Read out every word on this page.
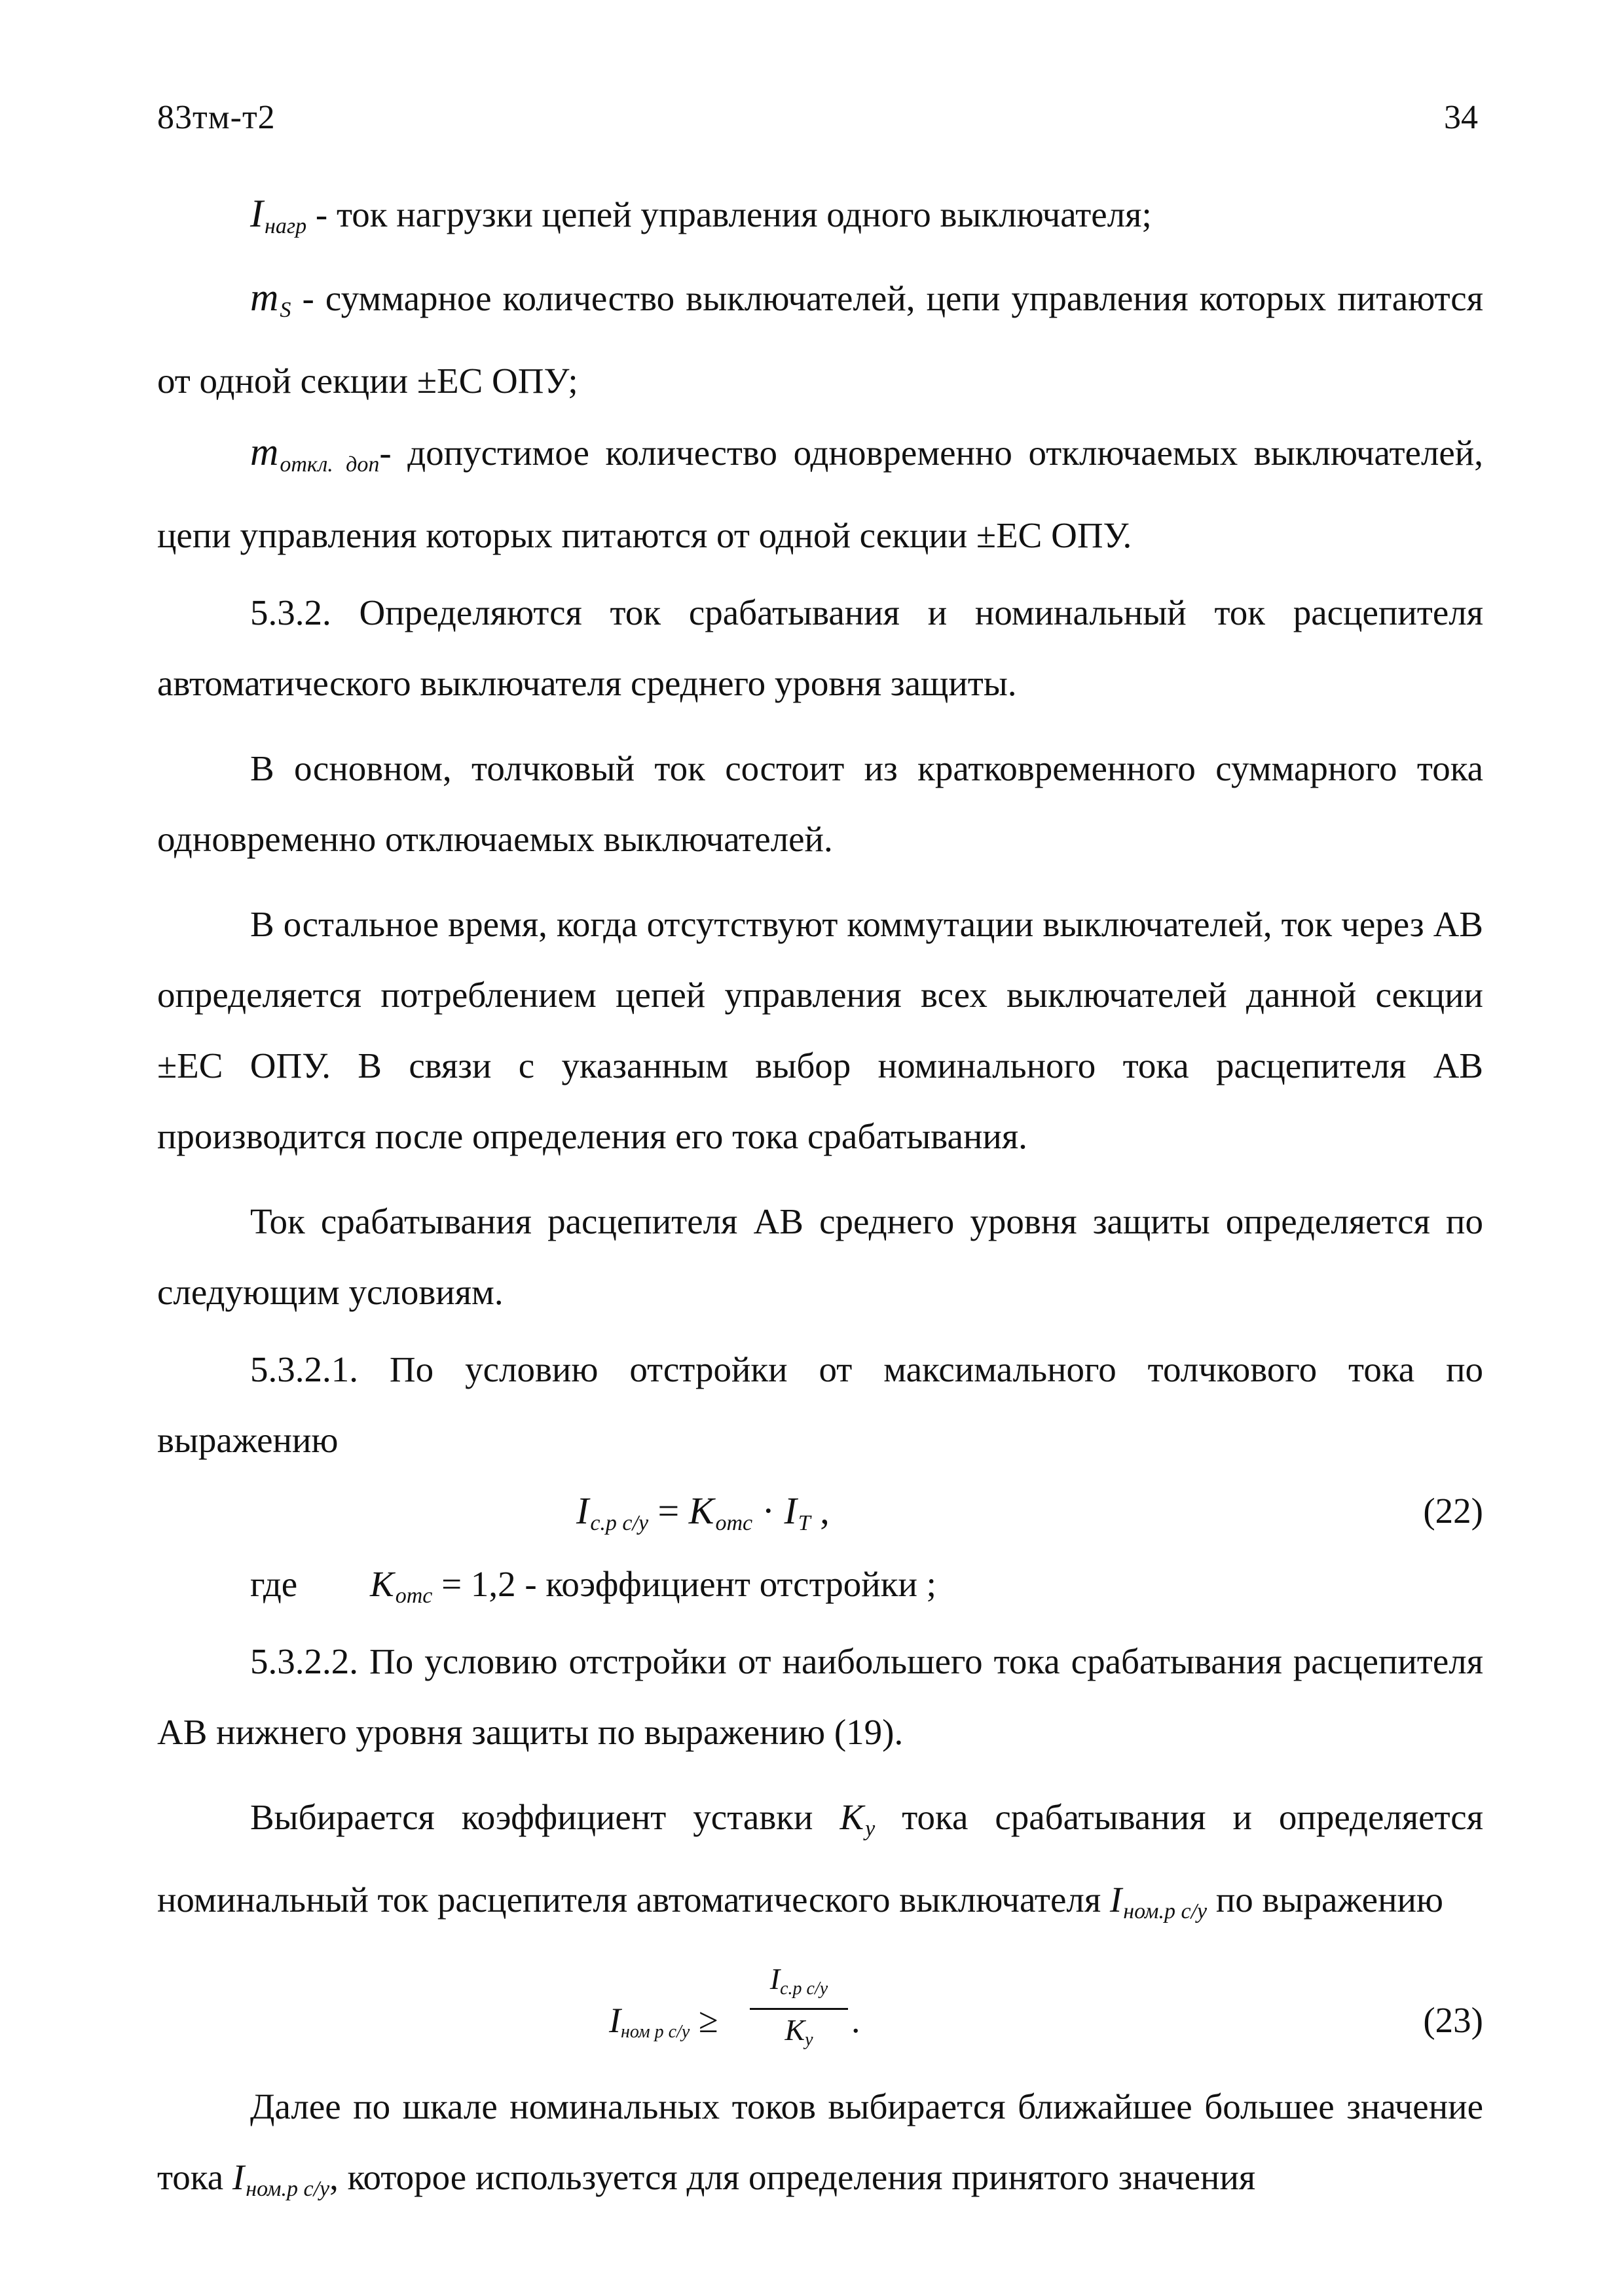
83тм-т2	34

$I_{нагр}$ - ток нагрузки цепей управления одного выключателя;

$m_S$ - суммарное количество выключателей, цепи управления которых питаются от одной секции ±ЕС ОПУ;

$m_{откл. доп}-$ допустимое количество одновременно отключаемых выключателей, цепи управления которых питаются от одной секции ±ЕС ОПУ.

5.3.2. Определяются ток срабатывания и номинальный ток расцепителя автоматического выключателя среднего уровня защиты.

В основном, толчковый ток состоит из кратковременного суммарного тока одновременно отключаемых выключателей.

В остальное время, когда отсутствуют коммутации выключателей, ток через АВ определяется потреблением цепей управления всех выключателей данной секции ±ЕС ОПУ. В связи с указанным выбор номинального тока расцепителя АВ производится после определения его тока срабатывания.

Ток срабатывания расцепителя АВ среднего уровня защиты определяется по следующим условиям.

5.3.2.1. По условию отстройки от максимального толчкового тока по выражению

$I_{с.р с/у} = K_{отс} \cdot I_Т$ ,	(22)
где $K_{отс} = 1,2$ - коэффициент отстройки ;

5.3.2.2. По условию отстройки от наибольшего тока срабатывания расцепителя АВ нижнего уровня защиты по выражению (19).

Выбирается коэффициент уставки $K_у$ тока срабатывания и определяется номинальный ток расцепителя автоматического выключателя $I_{ном.р с/у}$ по выражению

Iном р с/у ≥
Iс.р с/у
Kу	.	(23)

Далее по шкале номинальных токов выбирается ближайшее большее значение тока $I_{ном.р с/у}$, которое используется для определения принятого значения
